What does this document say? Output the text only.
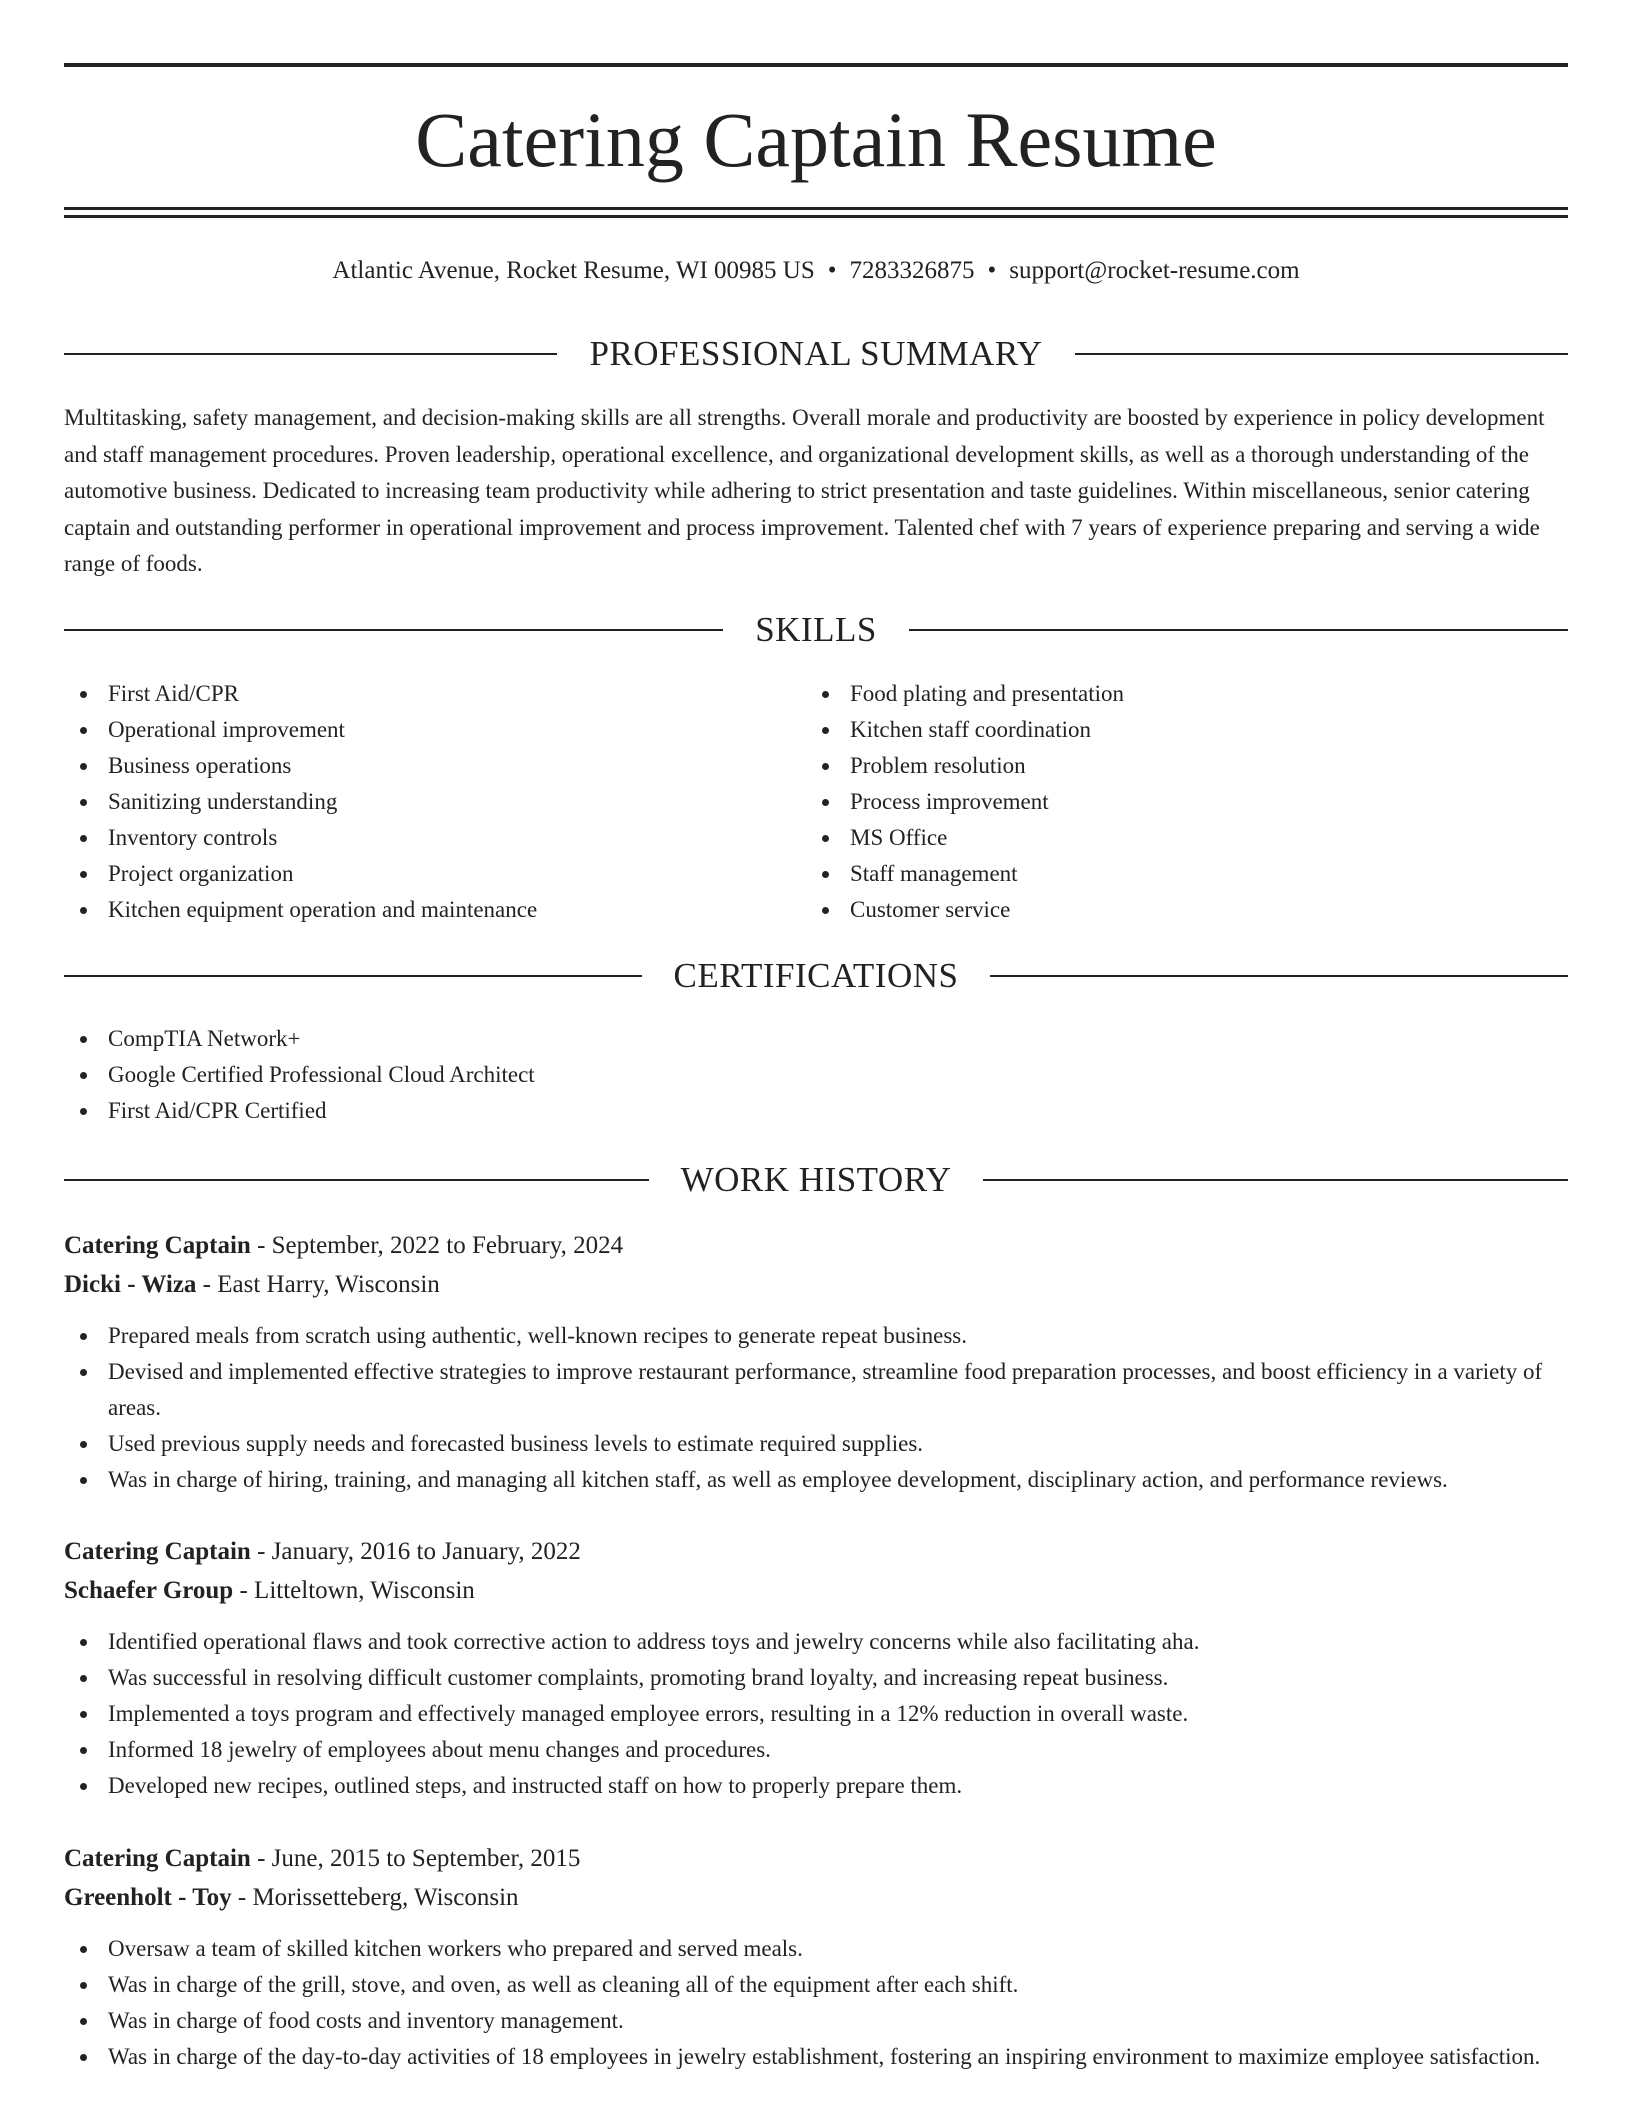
Catering Captain Resume
Atlantic Avenue, Rocket Resume, WI 00985 US • 7283326875 • support@rocket-resume.com
PROFESSIONAL SUMMARY

Multitasking, safety management, and decision-making skills are all strengths. Overall morale and productivity are boosted by experience in policy development and staff management procedures. Proven leadership, operational excellence, and organizational development skills, as well as a thorough understanding of the automotive business. Dedicated to increasing team productivity while adhering to strict presentation and taste guidelines. Within miscellaneous, senior catering captain and outstanding performer in operational improvement and process improvement. Talented chef with 7 years of experience preparing and serving a wide range of foods.

SKILLS
First Aid/CPR
Operational improvement
Business operations
Sanitizing understanding
Inventory controls
Project organization
Kitchen equipment operation and maintenance
Food plating and presentation
Kitchen staff coordination
Problem resolution
Process improvement
MS Office
Staff management
Customer service
CERTIFICATIONS
CompTIA Network+
Google Certified Professional Cloud Architect
First Aid/CPR Certified
WORK HISTORY
Catering Captain - September, 2022 to February, 2024
Dicki - Wiza - East Harry, Wisconsin
Prepared meals from scratch using authentic, well-known recipes to generate repeat business.
Devised and implemented effective strategies to improve restaurant performance, streamline food preparation processes, and boost efficiency in a variety of areas.
Used previous supply needs and forecasted business levels to estimate required supplies.
Was in charge of hiring, training, and managing all kitchen staff, as well as employee development, disciplinary action, and performance reviews.
Catering Captain - January, 2016 to January, 2022
Schaefer Group - Litteltown, Wisconsin
Identified operational flaws and took corrective action to address toys and jewelry concerns while also facilitating aha.
Was successful in resolving difficult customer complaints, promoting brand loyalty, and increasing repeat business.
Implemented a toys program and effectively managed employee errors, resulting in a 12% reduction in overall waste.
Informed 18 jewelry of employees about menu changes and procedures.
Developed new recipes, outlined steps, and instructed staff on how to properly prepare them.
Catering Captain - June, 2015 to September, 2015
Greenholt - Toy - Morissetteberg, Wisconsin
Oversaw a team of skilled kitchen workers who prepared and served meals.
Was in charge of the grill, stove, and oven, as well as cleaning all of the equipment after each shift.
Was in charge of food costs and inventory management.
Was in charge of the day-to-day activities of 18 employees in jewelry establishment, fostering an inspiring environment to maximize employee satisfaction.
